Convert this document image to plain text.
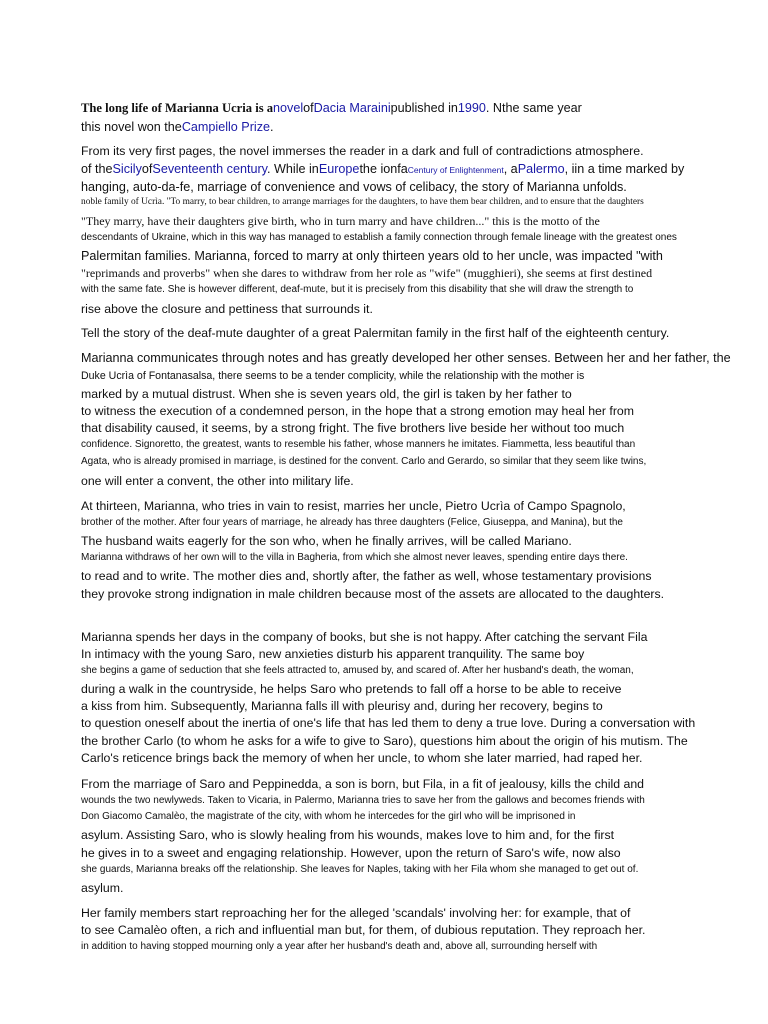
The long life of Marianna Ucria is anovelofDacia Marainipublished in1990. Nthe same year
this novel won theCampiello Prize.
From its very first pages, the novel immerses the reader in a dark and full of contradictions atmosphere.
of theSicilyofSeventeenth century. While inEuropethe ionfaCentury of Enlightenment, aPalermo, iin a time marked by
hanging, auto-da-fe, marriage of convenience and vows of celibacy, the story of Marianna unfolds.
noble family of Ucrìa. "To marry, to bear children, to arrange marriages for the daughters, to have them bear children, and to ensure that the daughters
"They marry, have their daughters give birth, who in turn marry and have children..." this is the motto of the
descendants of Ukraine, which in this way has managed to establish a family connection through female lineage with the greatest ones
Palermitan families. Marianna, forced to marry at only thirteen years old to her uncle, was impacted "with
"reprimands and proverbs" when she dares to withdraw from her role as "wife" (mugghieri), she seems at first destined
with the same fate. She is however different, deaf-mute, but it is precisely from this disability that she will draw the strength to
rise above the closure and pettiness that surrounds it.
Tell the story of the deaf-mute daughter of a great Palermitan family in the first half of the eighteenth century.
Marianna communicates through notes and has greatly developed her other senses. Between her and her father, the
Duke Ucrìa of Fontanasalsa, there seems to be a tender complicity, while the relationship with the mother is
marked by a mutual distrust. When she is seven years old, the girl is taken by her father to
to witness the execution of a condemned person, in the hope that a strong emotion may heal her from
that disability caused, it seems, by a strong fright. The five brothers live beside her without too much
confidence. Signoretto, the greatest, wants to resemble his father, whose manners he imitates. Fiammetta, less beautiful than
Agata, who is already promised in marriage, is destined for the convent. Carlo and Gerardo, so similar that they seem like twins,
one will enter a convent, the other into military life.
At thirteen, Marianna, who tries in vain to resist, marries her uncle, Pietro Ucrìa of Campo Spagnolo,
brother of the mother. After four years of marriage, he already has three daughters (Felice, Giuseppa, and Manina), but the
The husband waits eagerly for the son who, when he finally arrives, will be called Mariano.
Marianna withdraws of her own will to the villa in Bagheria, from which she almost never leaves, spending entire days there.
to read and to write. The mother dies and, shortly after, the father as well, whose testamentary provisions
they provoke strong indignation in male children because most of the assets are allocated to the daughters.
Marianna spends her days in the company of books, but she is not happy. After catching the servant Fila
In intimacy with the young Saro, new anxieties disturb his apparent tranquility. The same boy
she begins a game of seduction that she feels attracted to, amused by, and scared of. After her husband's death, the woman,
during a walk in the countryside, he helps Saro who pretends to fall off a horse to be able to receive
a kiss from him. Subsequently, Marianna falls ill with pleurisy and, during her recovery, begins to
to question oneself about the inertia of one's life that has led them to deny a true love. During a conversation with
the brother Carlo (to whom he asks for a wife to give to Saro), questions him about the origin of his mutism. The
Carlo's reticence brings back the memory of when her uncle, to whom she later married, had raped her.
From the marriage of Saro and Peppinedda, a son is born, but Fila, in a fit of jealousy, kills the child and
wounds the two newlyweds. Taken to Vicaria, in Palermo, Marianna tries to save her from the gallows and becomes friends with
Don Giacomo Camalèo, the magistrate of the city, with whom he intercedes for the girl who will be imprisoned in
asylum. Assisting Saro, who is slowly healing from his wounds, makes love to him and, for the first
he gives in to a sweet and engaging relationship. However, upon the return of Saro's wife, now also
she guards, Marianna breaks off the relationship. She leaves for Naples, taking with her Fila whom she managed to get out of.
asylum.
Her family members start reproaching her for the alleged 'scandals' involving her: for example, that of
to see Camalèo often, a rich and influential man but, for them, of dubious reputation. They reproach her.
in addition to having stopped mourning only a year after her husband's death and, above all, surrounding herself with
